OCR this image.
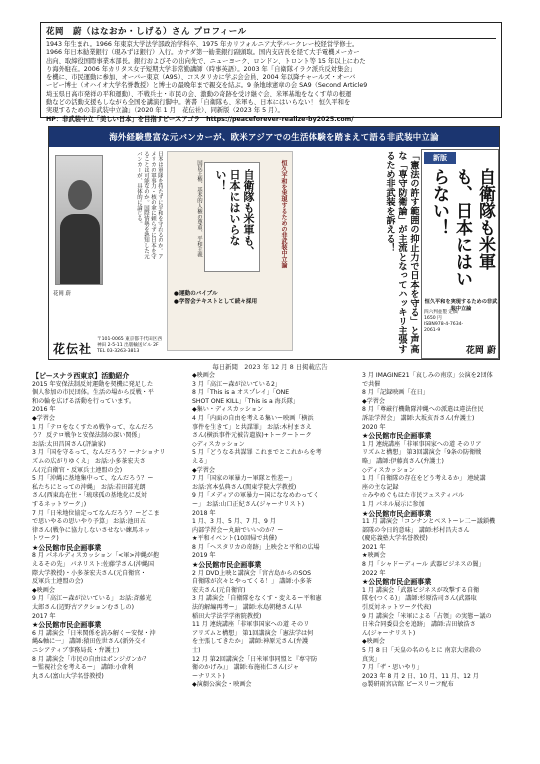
花岡　蔚（はなおか・しげる）さん プロフィール

1943 年生まれ。1966 年東京大学法学部政治学科卒、1975 年カリフォルニア大学バークレー校経営学修士。

1966 年日本勧業銀行（現みずほ銀行）入行。カナダ第一勧業銀行副頭取。国内支店長を経て大手電機メーカー

出向、取締役国際事業本部長。銀行およびその出向先で、ニューヨーク、ロンドン、トロント等 15 年以上にわた

り海外駐在。2006 年カリタス女子短期大学非常勤講師（時事英語）。2003 年「自衛隊イラク派兵反対集会」

を機に、市民運動に参加、オーバー東京（A9S）、コスタリカに学ぶ会会員、2004 年以降チャールズ・オーバ

ービー博士（オハイオ大学名誉教授）と博士の最晩年まで親交を結ぶ。9 条地球憲章の会 SA9（Second Article9

埼玉県日高市発祥の平和運動）、不戦兵士・市民の会、激動の奇跡を受け継ぐ会、米軍基地をなくす草の根運

動などの活動支援もしながら全国を講演行脚中。著書「自衛隊も、米軍も、日本にはいらない！ 恒久平和を

実現するための非武装中立論」（2020 年 1 月　花伝社）、同新版（2023 年 5 月）。

HP：非武装中立「美しい日本」を目指すピースアゴラ　https://peaceforever-realize-by2025.com/
海外経験豊富な元バンカーが、欧米アジアでの生活体験を踏まえて語る非武装中立論
日本は軍隊を持たずに平和を守れるのか。アメリカの軍事力・核の傘に頼らずに日本を守ることは可能なのか。国際情勢を熟知した元バンカーが、具体的に論じる。
花岡 蔚
花伝社
〒101-0065 東京都千代田区西神田 2-5-11 出版輸送ビル 2F TEL 03-3263-3813
国民主権、基本的人権の尊重、平和主義	自衛隊も米軍も、日本にはいらない！	恒久平和を実現するための非武装中立論
●運動のバイブル
●学習会テキストとして続々採用	「憲法の許す範囲の抑止力で日本を守る」と声高な「専守防衛論」が主流となってハッキリ主張するため非武装を訴える！	新版
自衛隊も米軍も、日本にはいらない！
恒久平和を実現するための非武装中立論
四六判並製 定価 1650 円 ISBN978-4-7634-2061-9
花岡 蔚
毎日新聞　2023 年 12 月 8 日掲載広告
【ピースナラ西東京】活動紹介
2015 年安保法制反対運動を契機に発足した
個人参加の市民団体。生活の場から反戦・平
和の輪を広げる活動を行っています。
2016 年
◆学習会
1 月「テロをなくすため戦争って、なんだろ
う？ 反テロ戦争と安保法制の深い関係」
お話:太田昌国さん(評論家)
3 月「国を守るって、なんだろう？ーナショナリ
ズムの広がりゆくえ」 お話:小多茶宏夫さ
ん(元自衛官・反軍兵士連盟の会)
5 月「沖縄に基地集中って、なんだろう？ー
私たちにとっての沖縄」 お話:若田部光朗
さん(西東島在住・「琉球孤の基地化に反対
するネットワーク」)
7 月「日米地位協定ってなんだろう？ーどこま
で思いやるの思いやり予算」 お話:池田五
律さん(戦争に協力しないさせない練馬ネッ
トワーク)
★公民館市民企画事業
8 月 パネルディスカッション「<軍>沖縄が抱
えるその先」 パネリスト:佐藤学さん(沖縄国
際大学教授)・小多茶宏夫さん(元自衛官・
反軍兵士連盟の会)
◆映画会
9 月「高江ー森が泣いている」 お話:斉藤光
太郎さん(辺野古アクションむさしの)
2017 年
★公民館市民企画事業
6 月 講演会「日米関係を読み解くー安保・沖
縄&軸に一」 講師:猿田佐世さん(新外交イ
ニシアティブ事務局長・弁護士)
8 月 講演会「市民の自由はポンジガンか？
ー監視社会を考えるー」 講師:小倉利
丸さん(富山大学名誉教授)
◆映画会
3 月「高江ー森が泣いている2」
8 月「This is a オスプレイ」「ONE
SHOT ONE KILL」「This is a 海兵隊」
◆集い・ディスカッション
4 月「内面の自由を考える集いー映画「横浜
事件を生きて」と共謀罪」 お話:木村まさえ
さん(横浜事件元被告遺族)+トークートーク
◇ディスカッション
5 月「どうなる共謀罪 これまでとこれからを考
える」
◆学習会
7 月「国家の軍暴力ー軍隊と性差ー」
お話:宮本弘典さん(関東学院大学教授)
9 月「メディアの軍暴力ー国にななめわってく
ー」 お話:山口正紀さん(ジャーナリスト)
2018 年
1 月、3 月、5 月、7 月、9 月
内部学習会ー丸暗でいいのか？ー
★平和イベント(10回帰で共催)
8 月「ヘスタリカの奇跡」上映会と平和の広場
2019 年
★公民館市民企画事業
2 月 DVD上映と講演会「宮古島からのSOS
自衛隊が次々とやってくる！」 講師:小多茶
宏夫さん(元自衛官)
3 月 講演会「自衛隊をなくす・変えるー平和憲
法的解編再考ー」 講師:水島朝穂さん(早
稲田大学法学学術院教授)
11 月 連続講座「非軍事国家への道 そのリ
アリズムと構想」 第1回講演会「憲法学は何
を主張してきたか」 講師:神原元さん(弁護
士)
12 月 第2回講演会「日米軍事同盟と『専守防
衛のかげみ』」 講師:布施祐仁さん(ジャ
ーナリスト)
◆演劇公演会・映画会
3 月 IMAGINE21「哀しみの南京」公演を2団体
で共催
8 月「記録映画「在日」
◆学習会
8 月「尊厳行機動隊沖縄への派遣は違法住民
訴訟学習会」 講師:大坂亥吾さん(弁護士)
2020 年
★公民館市民企画事業
1 月 連続講座「非軍事国家への道 そのリア
リズムと構想」 第3回講演会「9条の防衛戦
略」 講師:伊藤真さん(弁護士)
◇ディスカッション
1 月「自衛隊の存在をどう考えるか」 連続講
座の主な記録
☆みやめぐもはた市民フェスティバル
1 月 パネル展示に参加
★公民館市民企画事業
11 月 講演会「コンナンとベストーレ二ー議鎖機
部隊の今日的意味」 講師:杉村昌夫さん
(慶応義塾大学名誉教授)
2021 年
★映画会
8 月「シャドーディール 武器ビジネスの闇」
2022 年
★公民館市民企画事業
1 月 講演会「武器ビジネスが攻撃する自衛
隊を(つくる)」 講師:杉原浩司さん(武器取
引反対ネットワーク代表)
9 月 講演会「米軍による「占領」の実態ー議の
日米合同委員会を追跡」 講師:吉田敏浩さ
ん(ジャーナリスト)
◆映画会
5 月 8 日「天皇の名のもとに 南京大虐殺の
真実」
7 月「ザ・思いやり」
2023 年 8 月 2 日、10 月、11 月、12 月
◎製研雨宮店館 ピースリーフ配布
